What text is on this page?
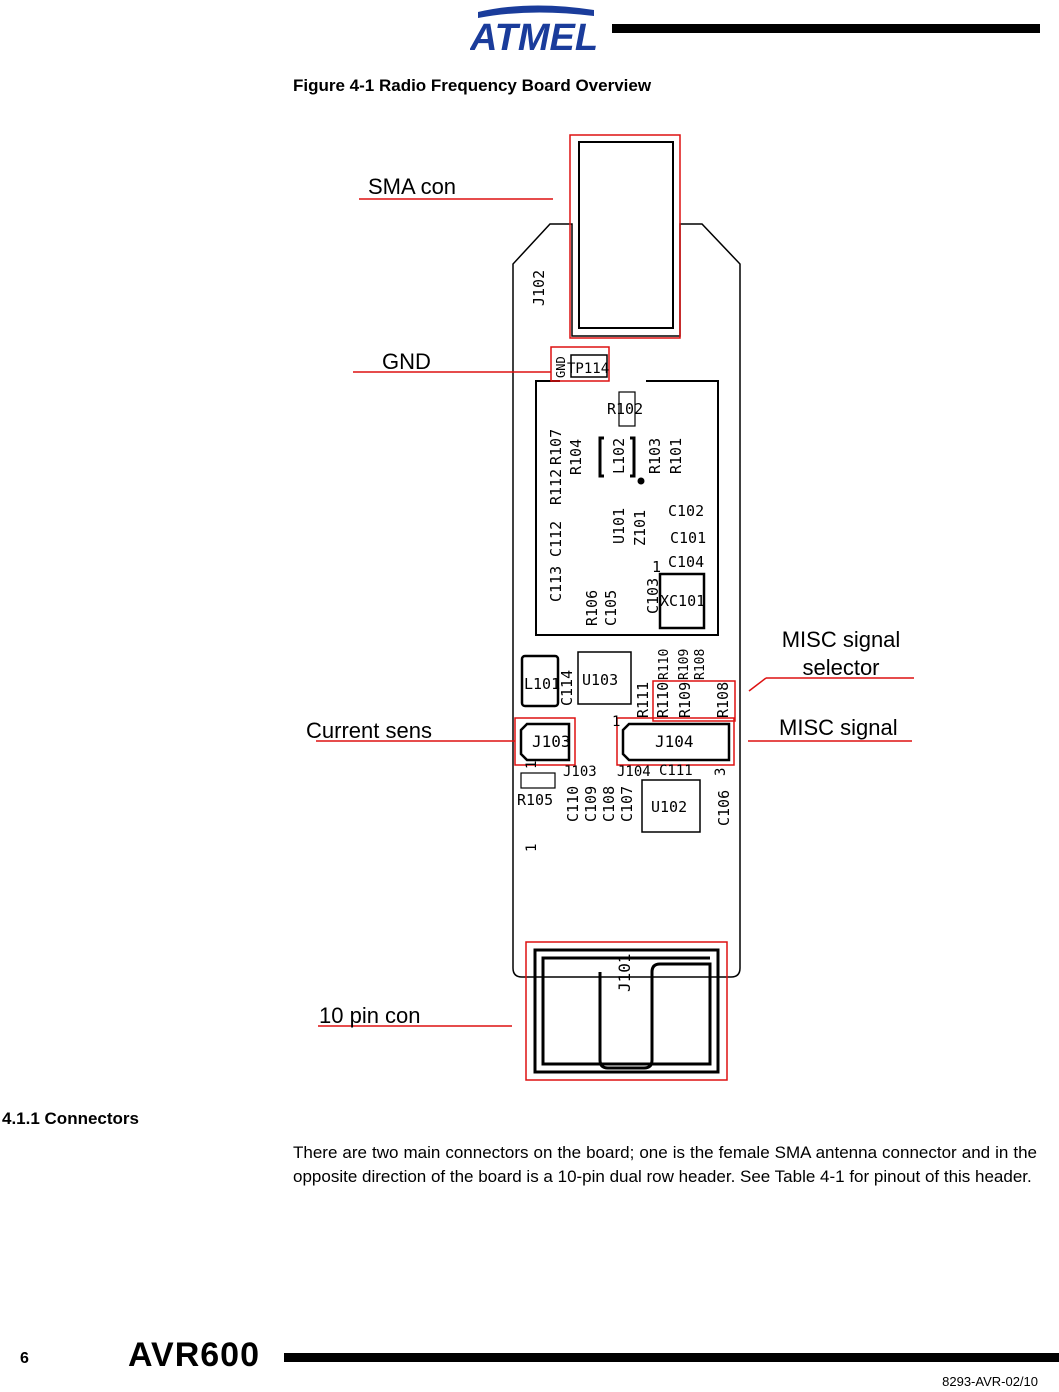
ATMEL
Figure 4-1 Radio Frequency Board Overview
J102
GND TP114
R102
R107 R104 L102 R103 R101
R112
U101 Z101 C102
C101
C104
C112
C113
R106 C105 C103
XC101
1
R110 R109 R108
L101
C114 U103
R111 R110 R109 R108
J103	J104
J103 J104 C111
1
1
3
R105 C110 C109 C108 C107 U102 C106
1
J101
SMA con
GND
MISC signal
selector
Current sens	MISC signal
10 pin con
4.1.1 Connectors
There are two main connectors on the board; one is the female SMA antenna connector and in the opposite direction of the board is a 10-pin dual row header. See Table 4-1 for pinout of this header.
6	AVR600
8293-AVR-02/10
